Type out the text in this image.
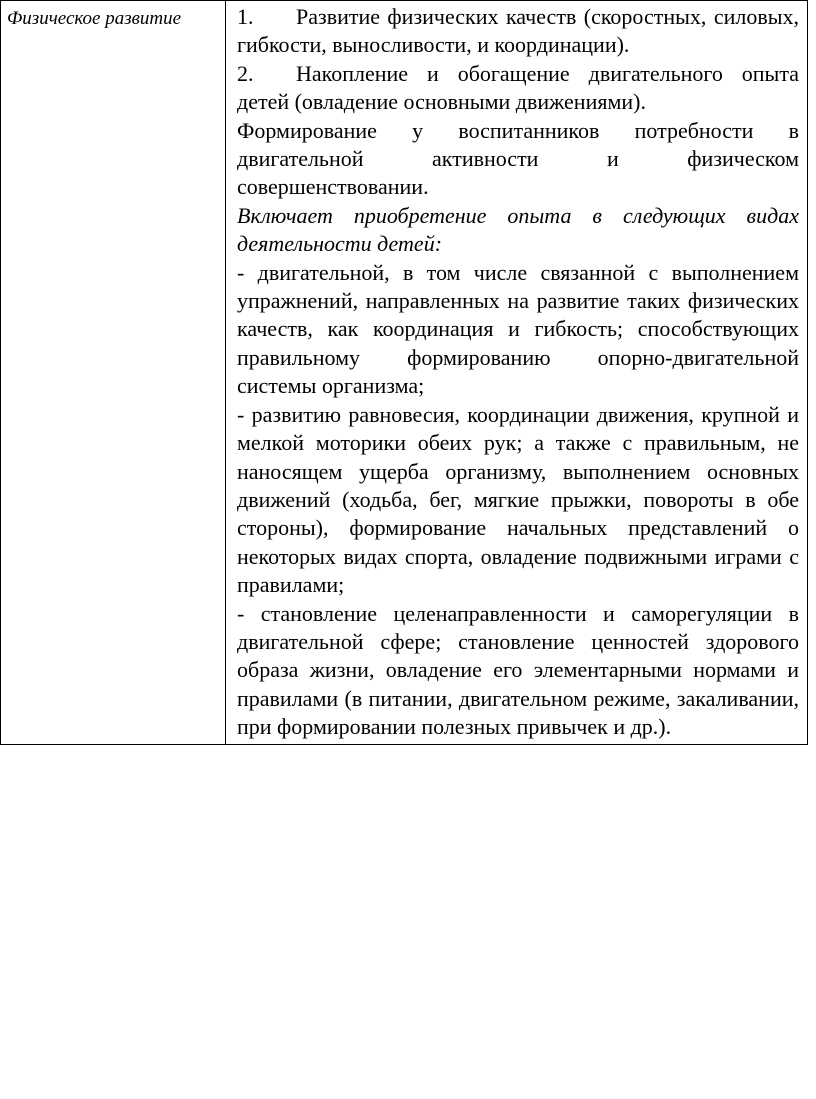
Физическое развитие	1. Развитие физических качеств (скоростных, силовых, гибкости, выносливости, и координации).

2. Накопление и обогащение двигательного опыта детей (овладение основными движениями).

Формирование у воспитанников потребности в двигательной активности и физическом совершенствовании.

Включает приобретение опыта в следующих видах деятельности детей:

- двигательной, в том числе связанной с выполнением упражнений, направленных на развитие таких физических качеств, как координация и гибкость; способствующих правильному формированию опорно-двигательной системы организма;

- развитию равновесия, координации движения, крупной и мелкой моторики обеих рук; а также с правильным, не наносящем ущерба организму, выполнением основных движений (ходьба, бег, мягкие прыжки, повороты в обе стороны), формирование начальных представлений о некоторых видах спорта, овладение подвижными играми с правилами;

- становление целенаправленности и саморегуляции в двигательной сфере; становление ценностей здорового образа жизни, овладение его элементарными нормами и правилами (в питании, двигательном режиме, закаливании, при формировании полезных привычек и др.).
